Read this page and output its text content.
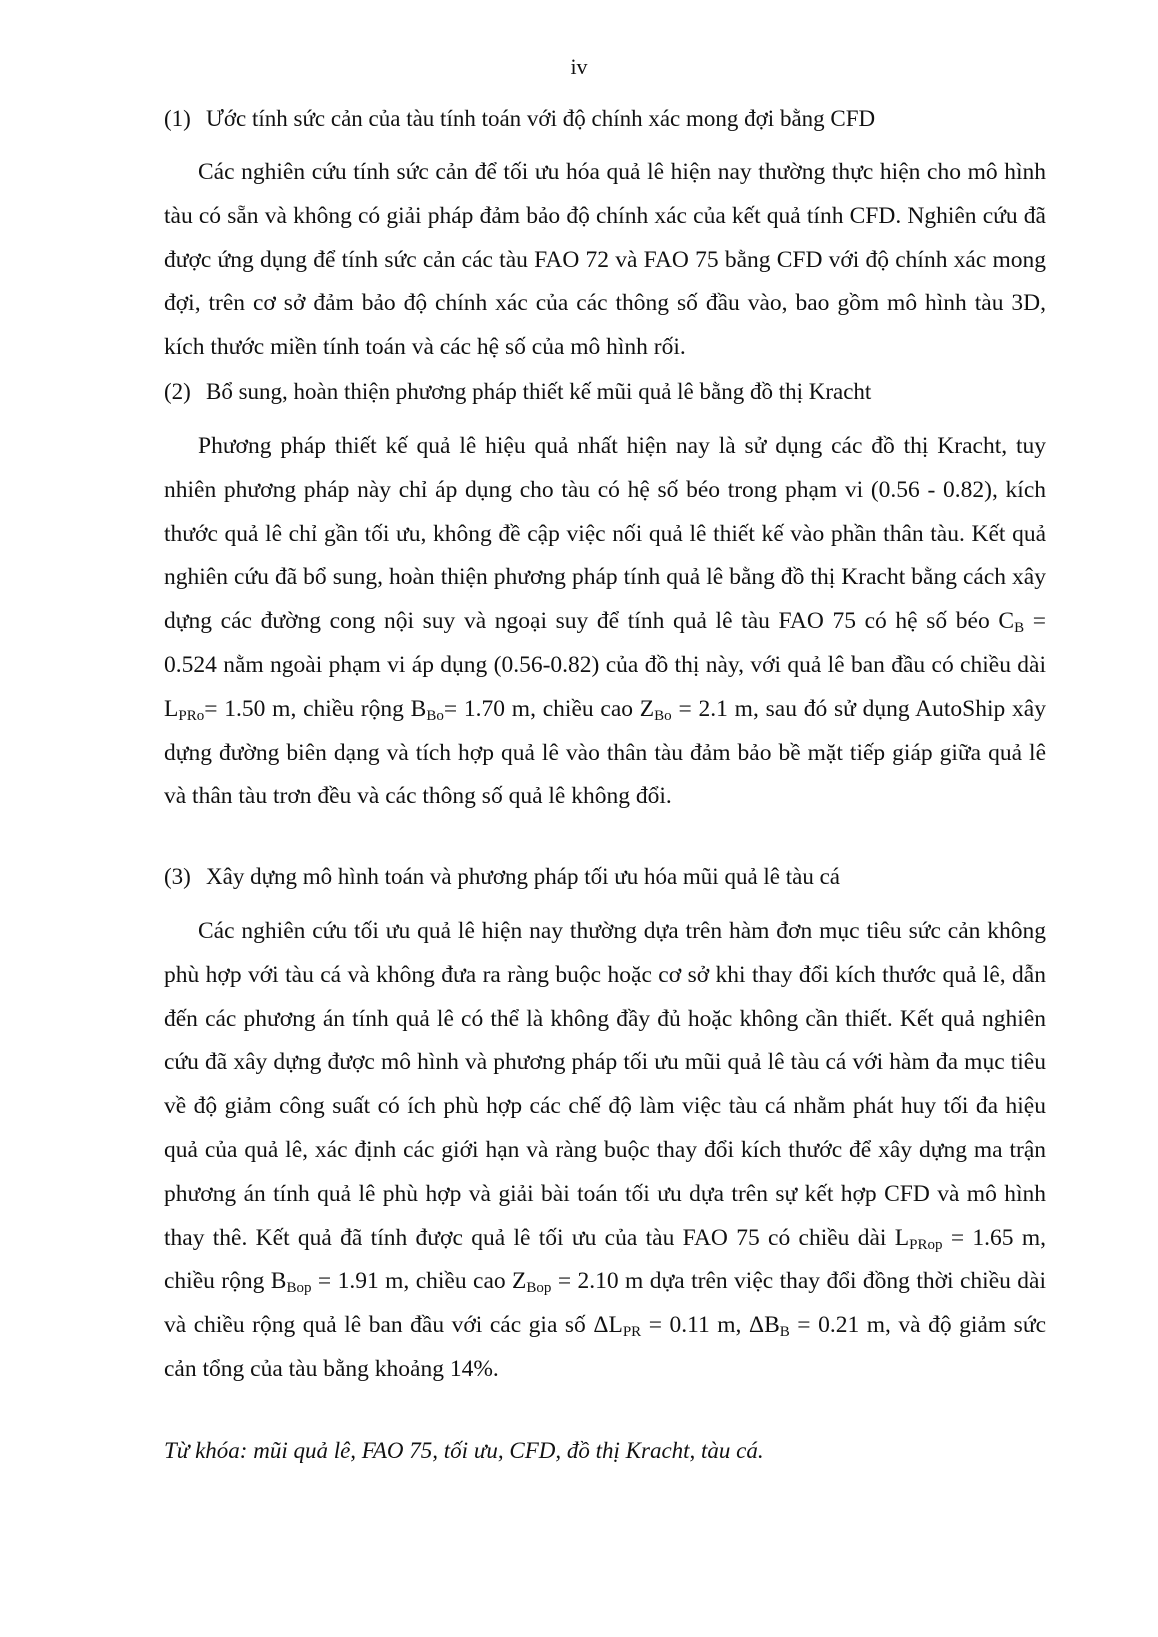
iv
(1) Ước tính sức cản của tàu tính toán với độ chính xác mong đợi bằng CFD
Các nghiên cứu tính sức cản để tối ưu hóa quả lê hiện nay thường thực hiện cho mô hình tàu có sẵn và không có giải pháp đảm bảo độ chính xác của kết quả tính CFD. Nghiên cứu đã được ứng dụng để tính sức cản các tàu FAO 72 và FAO 75 bằng CFD với độ chính xác mong đợi, trên cơ sở đảm bảo độ chính xác của các thông số đầu vào, bao gồm mô hình tàu 3D, kích thước miền tính toán và các hệ số của mô hình rối.
(2) Bổ sung, hoàn thiện phương pháp thiết kế mũi quả lê bằng đồ thị Kracht
Phương pháp thiết kế quả lê hiệu quả nhất hiện nay là sử dụng các đồ thị Kracht, tuy nhiên phương pháp này chỉ áp dụng cho tàu có hệ số béo trong phạm vi (0.56 - 0.82), kích thước quả lê chỉ gần tối ưu, không đề cập việc nối quả lê thiết kế vào phần thân tàu. Kết quả nghiên cứu đã bổ sung, hoàn thiện phương pháp tính quả lê bằng đồ thị Kracht bằng cách xây dựng các đường cong nội suy và ngoại suy để tính quả lê tàu FAO 75 có hệ số béo $C_B = 0.524$ nằm ngoài phạm vi áp dụng (0.56-0.82) của đồ thị này, với quả lê ban đầu có chiều dài $L_{PRo}= 1.50$ m, chiều rộng $B_{Bo}= 1.70$ m, chiều cao $Z_{Bo} = 2.1$ m, sau đó sử dụng AutoShip xây dựng đường biên dạng và tích hợp quả lê vào thân tàu đảm bảo bề mặt tiếp giáp giữa quả lê và thân tàu trơn đều và các thông số quả lê không đổi.
(3) Xây dựng mô hình toán và phương pháp tối ưu hóa mũi quả lê tàu cá
Các nghiên cứu tối ưu quả lê hiện nay thường dựa trên hàm đơn mục tiêu sức cản không phù hợp với tàu cá và không đưa ra ràng buộc hoặc cơ sở khi thay đổi kích thước quả lê, dẫn đến các phương án tính quả lê có thể là không đầy đủ hoặc không cần thiết. Kết quả nghiên cứu đã xây dựng được mô hình và phương pháp tối ưu mũi quả lê tàu cá với hàm đa mục tiêu về độ giảm công suất có ích phù hợp các chế độ làm việc tàu cá nhằm phát huy tối đa hiệu quả của quả lê, xác định các giới hạn và ràng buộc thay đổi kích thước để xây dựng ma trận phương án tính quả lê phù hợp và giải bài toán tối ưu dựa trên sự kết hợp CFD và mô hình thay thê. Kết quả đã tính được quả lê tối ưu của tàu FAO 75 có chiều dài $L_{PRop} = 1.65$ m, chiều rộng $B_{Bop} = 1.91$ m, chiều cao $Z_{Bop} = 2.10$ m dựa trên việc thay đổi đồng thời chiều dài và chiều rộng quả lê ban đầu với các gia số $\Delta L_{PR} = 0.11$ m, $\Delta B_B = 0.21$ m, và độ giảm sức cản tổng của tàu bằng khoảng 14%.
Từ khóa: mũi quả lê, FAO 75, tối ưu, CFD, đồ thị Kracht, tàu cá.
